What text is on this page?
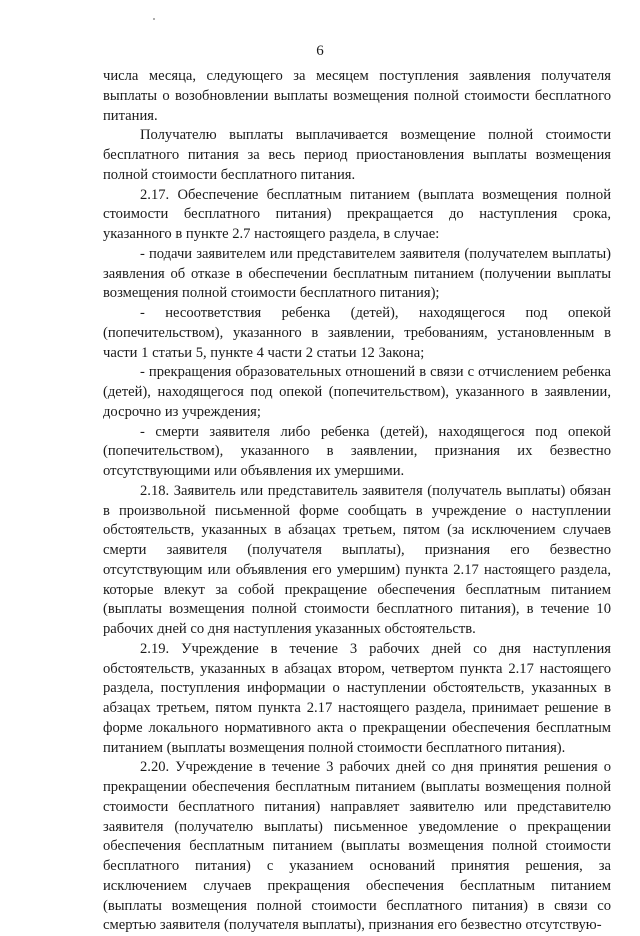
6

числа месяца, следующего за месяцем поступления заявления получателя выплаты о возобновлении выплаты возмещения полной стоимости бесплатного питания.

Получателю выплаты выплачивается возмещение полной стоимости бесплатного питания за весь период приостановления выплаты возмещения полной стоимости бесплатного питания.

2.17. Обеспечение бесплатным питанием (выплата возмещения полной стоимости бесплатного питания) прекращается до наступления срока, указанного в пункте 2.7 настоящего раздела, в случае:

- подачи заявителем или представителем заявителя (получателем выплаты) заявления об отказе в обеспечении бесплатным питанием (получении выплаты возмещения полной стоимости бесплатного питания);

- несоответствия ребенка (детей), находящегося под опекой (попечительством), указанного в заявлении, требованиям, установленным в части 1 статьи 5, пункте 4 части 2 статьи 12 Закона;

- прекращения образовательных отношений в связи с отчислением ребенка (детей), находящегося под опекой (попечительством), указанного в заявлении, досрочно из учреждения;

- смерти заявителя либо ребенка (детей), находящегося под опекой (попечительством), указанного в заявлении, признания их безвестно отсутствующими или объявления их умершими.

2.18. Заявитель или представитель заявителя (получатель выплаты) обязан в произвольной письменной форме сообщать в учреждение о наступлении обстоятельств, указанных в абзацах третьем, пятом (за исключением случаев смерти заявителя (получателя выплаты), признания его безвестно отсутствующим или объявления его умершим) пункта 2.17 настоящего раздела, которые влекут за собой прекращение обеспечения бесплатным питанием (выплаты возмещения полной стоимости бесплатного питания), в течение 10 рабочих дней со дня наступления указанных обстоятельств.

2.19. Учреждение в течение 3 рабочих дней со дня наступления обстоятельств, указанных в абзацах втором, четвертом пункта 2.17 настоящего раздела, поступления информации о наступлении обстоятельств, указанных в абзацах третьем, пятом пункта 2.17 настоящего раздела, принимает решение в форме локального нормативного акта о прекращении обеспечения бесплатным питанием (выплаты возмещения полной стоимости бесплатного питания).

2.20. Учреждение в течение 3 рабочих дней со дня принятия решения о прекращении обеспечения бесплатным питанием (выплаты возмещения полной стоимости бесплатного питания) направляет заявителю или представителю заявителя (получателю выплаты) письменное уведомление о прекращении обеспечения бесплатным питанием (выплаты возмещения полной стоимости бесплатного питания) с указанием оснований принятия решения, за исключением случаев прекращения обеспечения бесплатным питанием (выплаты возмещения полной стоимости бесплатного питания) в связи со смертью заявителя (получателя выплаты), признания его безвестно отсутствую-
